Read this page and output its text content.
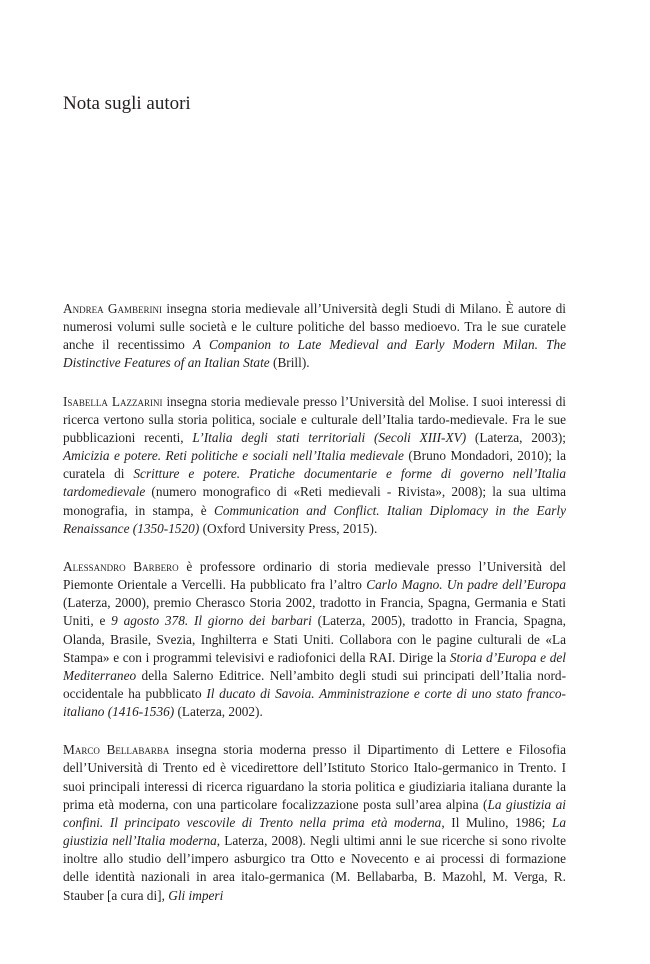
Nota sugli autori

Andrea Gamberini insegna storia medievale all’Università degli Studi di Milano. È autore di numerosi volumi sulle società e le culture politiche del basso medioevo. Tra le sue curatele anche il recentissimo A Companion to Late Medieval and Early Modern Milan. The Distinctive Features of an Italian State (Brill).

Isabella Lazzarini insegna storia medievale presso l’Università del Molise. I suoi interessi di ricerca vertono sulla storia politica, sociale e culturale dell’Italia tardo-medievale. Fra le sue pubblicazioni recenti, L’Italia degli stati territoriali (Secoli XIII-XV) (Laterza, 2003); Amicizia e potere. Reti politiche e sociali nell’Italia medievale (Bruno Mondadori, 2010); la curatela di Scritture e potere. Pratiche documentarie e forme di governo nell’Italia tardomedievale (numero monografico di «Reti medievali - Rivista», 2008); la sua ultima monografia, in stampa, è Communication and Conflict. Italian Diplomacy in the Early Renaissance (1350-1520) (Oxford University Press, 2015).

Alessandro Barbero è professore ordinario di storia medievale presso l’Università del Piemonte Orientale a Vercelli. Ha pubblicato fra l’altro Carlo Magno. Un padre dell’Europa (Laterza, 2000), premio Cherasco Storia 2002, tradotto in Francia, Spagna, Germania e Stati Uniti, e 9 agosto 378. Il giorno dei barbari (Laterza, 2005), tradotto in Francia, Spagna, Olanda, Brasile, Svezia, Inghilterra e Stati Uniti. Collabora con le pagine culturali de «La Stampa» e con i programmi televisivi e radiofonici della RAI. Dirige la Storia d’Europa e del Mediterraneo della Salerno Editrice. Nell’ambito degli studi sui principati dell’Italia nord-occidentale ha pubblicato Il ducato di Savoia. Amministrazione e corte di uno stato franco-italiano (1416-1536) (Laterza, 2002).

Marco Bellabarba insegna storia moderna presso il Dipartimento di Lettere e Filosofia dell’Università di Trento ed è vicedirettore dell’Istituto Storico Italo-germanico in Trento. I suoi principali interessi di ricerca riguardano la storia politica e giudiziaria italiana durante la prima età moderna, con una particolare focalizzazione posta sull’area alpina (La giustizia ai confini. Il principato vescovile di Trento nella prima età moderna, Il Mulino, 1986; La giustizia nell’Italia moderna, Laterza, 2008). Negli ultimi anni le sue ricerche si sono rivolte inoltre allo studio dell’impero asburgico tra Otto e Novecento e ai processi di formazione delle identità nazionali in area italo-germanica (M. Bellabarba, B. Mazohl, M. Verga, R. Stauber [a cura di], Gli imperi
